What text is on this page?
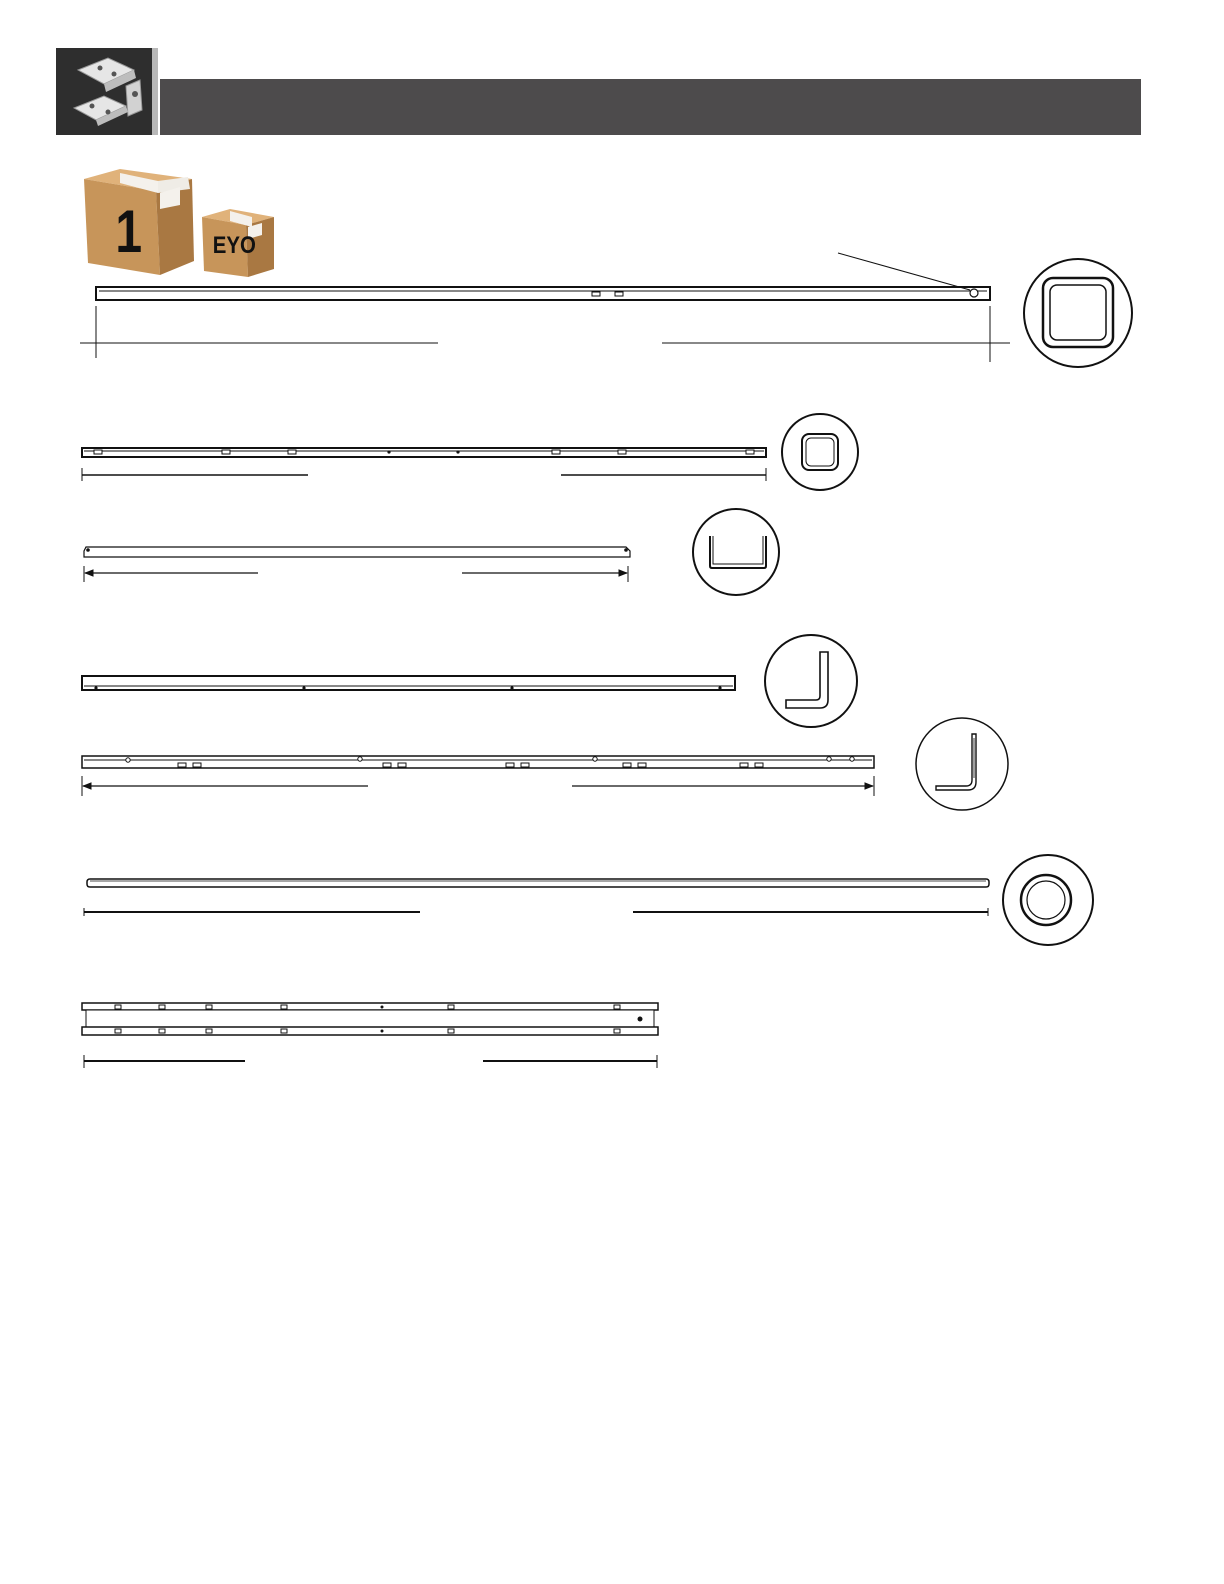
1	EYO
